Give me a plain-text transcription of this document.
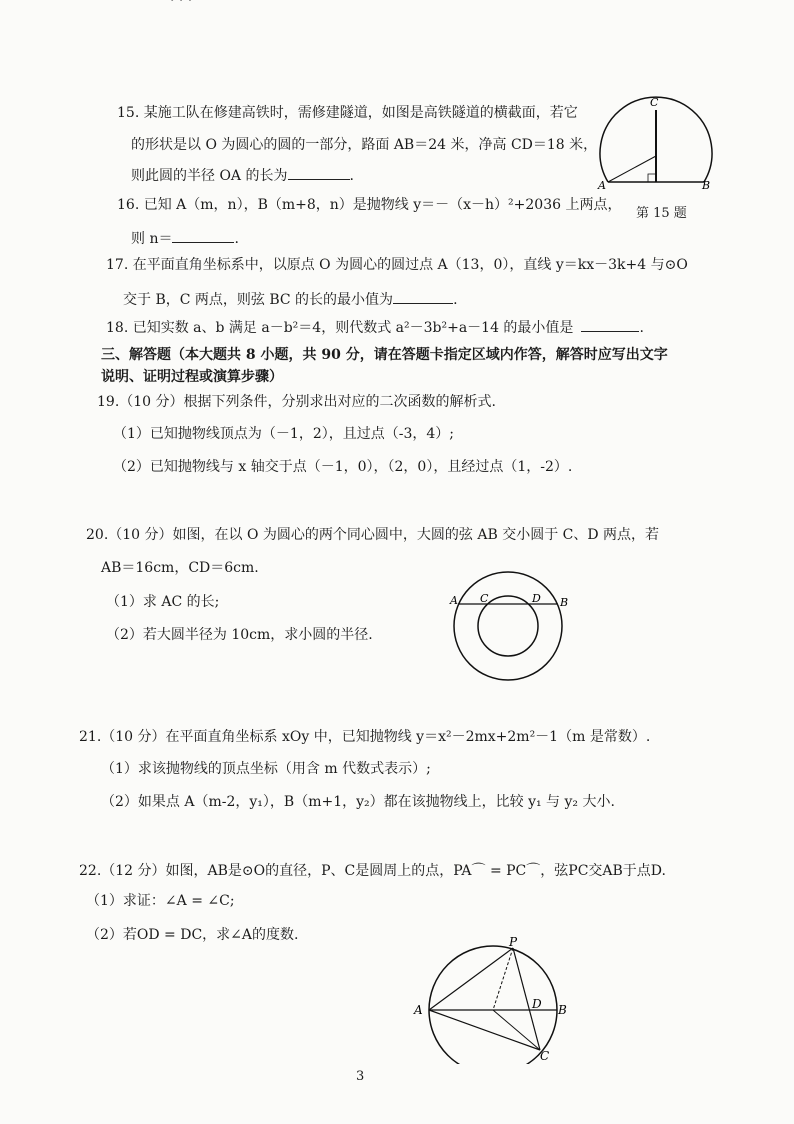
· · ·
15. 某施工队在修建高铁时，需修建隧道，如图是高铁隧道的横截面，若它
的形状是以 O 为圆心的圆的一部分，路面 AB＝24 米，净高 CD＝18 米，
则此圆的半径 OA 的长为	.
C
A	B
第 15 题
16. 已知 A（m，n），B（m+8，n）是抛物线 y＝－（x－h）²+2036 上两点，
则 n＝	.
17. 在平面直角坐标系中，以原点 O 为圆心的圆过点 A（13，0），直线 y＝kx－3k+4 与⊙O
交于 B，C 两点，则弦 BC 的长的最小值为	.
18. 已知实数 a、b 满足 a－b²＝4，则代数式 a²－3b²+a－14 的最小值是	.
三、解答题（本大题共 8 小题，共 90 分，请在答题卡指定区域内作答，解答时应写出文字
说明、证明过程或演算步骤）
19.（10 分）根据下列条件，分别求出对应的二次函数的解析式.
（1）已知抛物线顶点为（－1，2），且过点（-3，4）;
（2）已知抛物线与 x 轴交于点（－1，0），（2，0），且经过点（1，-2）.
20.（10 分）如图，在以 O 为圆心的两个同心圆中，大圆的弦 AB 交小圆于 C、D 两点，若
AB＝16cm，CD＝6cm.
（1）求 AC 的长;
（2）若大圆半径为 10cm，求小圆的半径.
A C	D B
21.（10 分）在平面直角坐标系 xOy 中，已知抛物线 y＝x²－2mx+2m²－1（m 是常数）.
（1）求该抛物线的顶点坐标（用含 m 代数式表示）;
（2）如果点 A（m-2，y₁），B（m+1，y₂）都在该抛物线上，比较 y₁ 与 y₂ 大小.
22.（12 分）如图，AB是⊙O的直径，P、C是圆周上的点，PA⌒ = PC⌒，弦PC交AB于点D.
（1）求证：∠A = ∠C;
（2）若OD = DC，求∠A的度数.	P
A	D B
C
3
